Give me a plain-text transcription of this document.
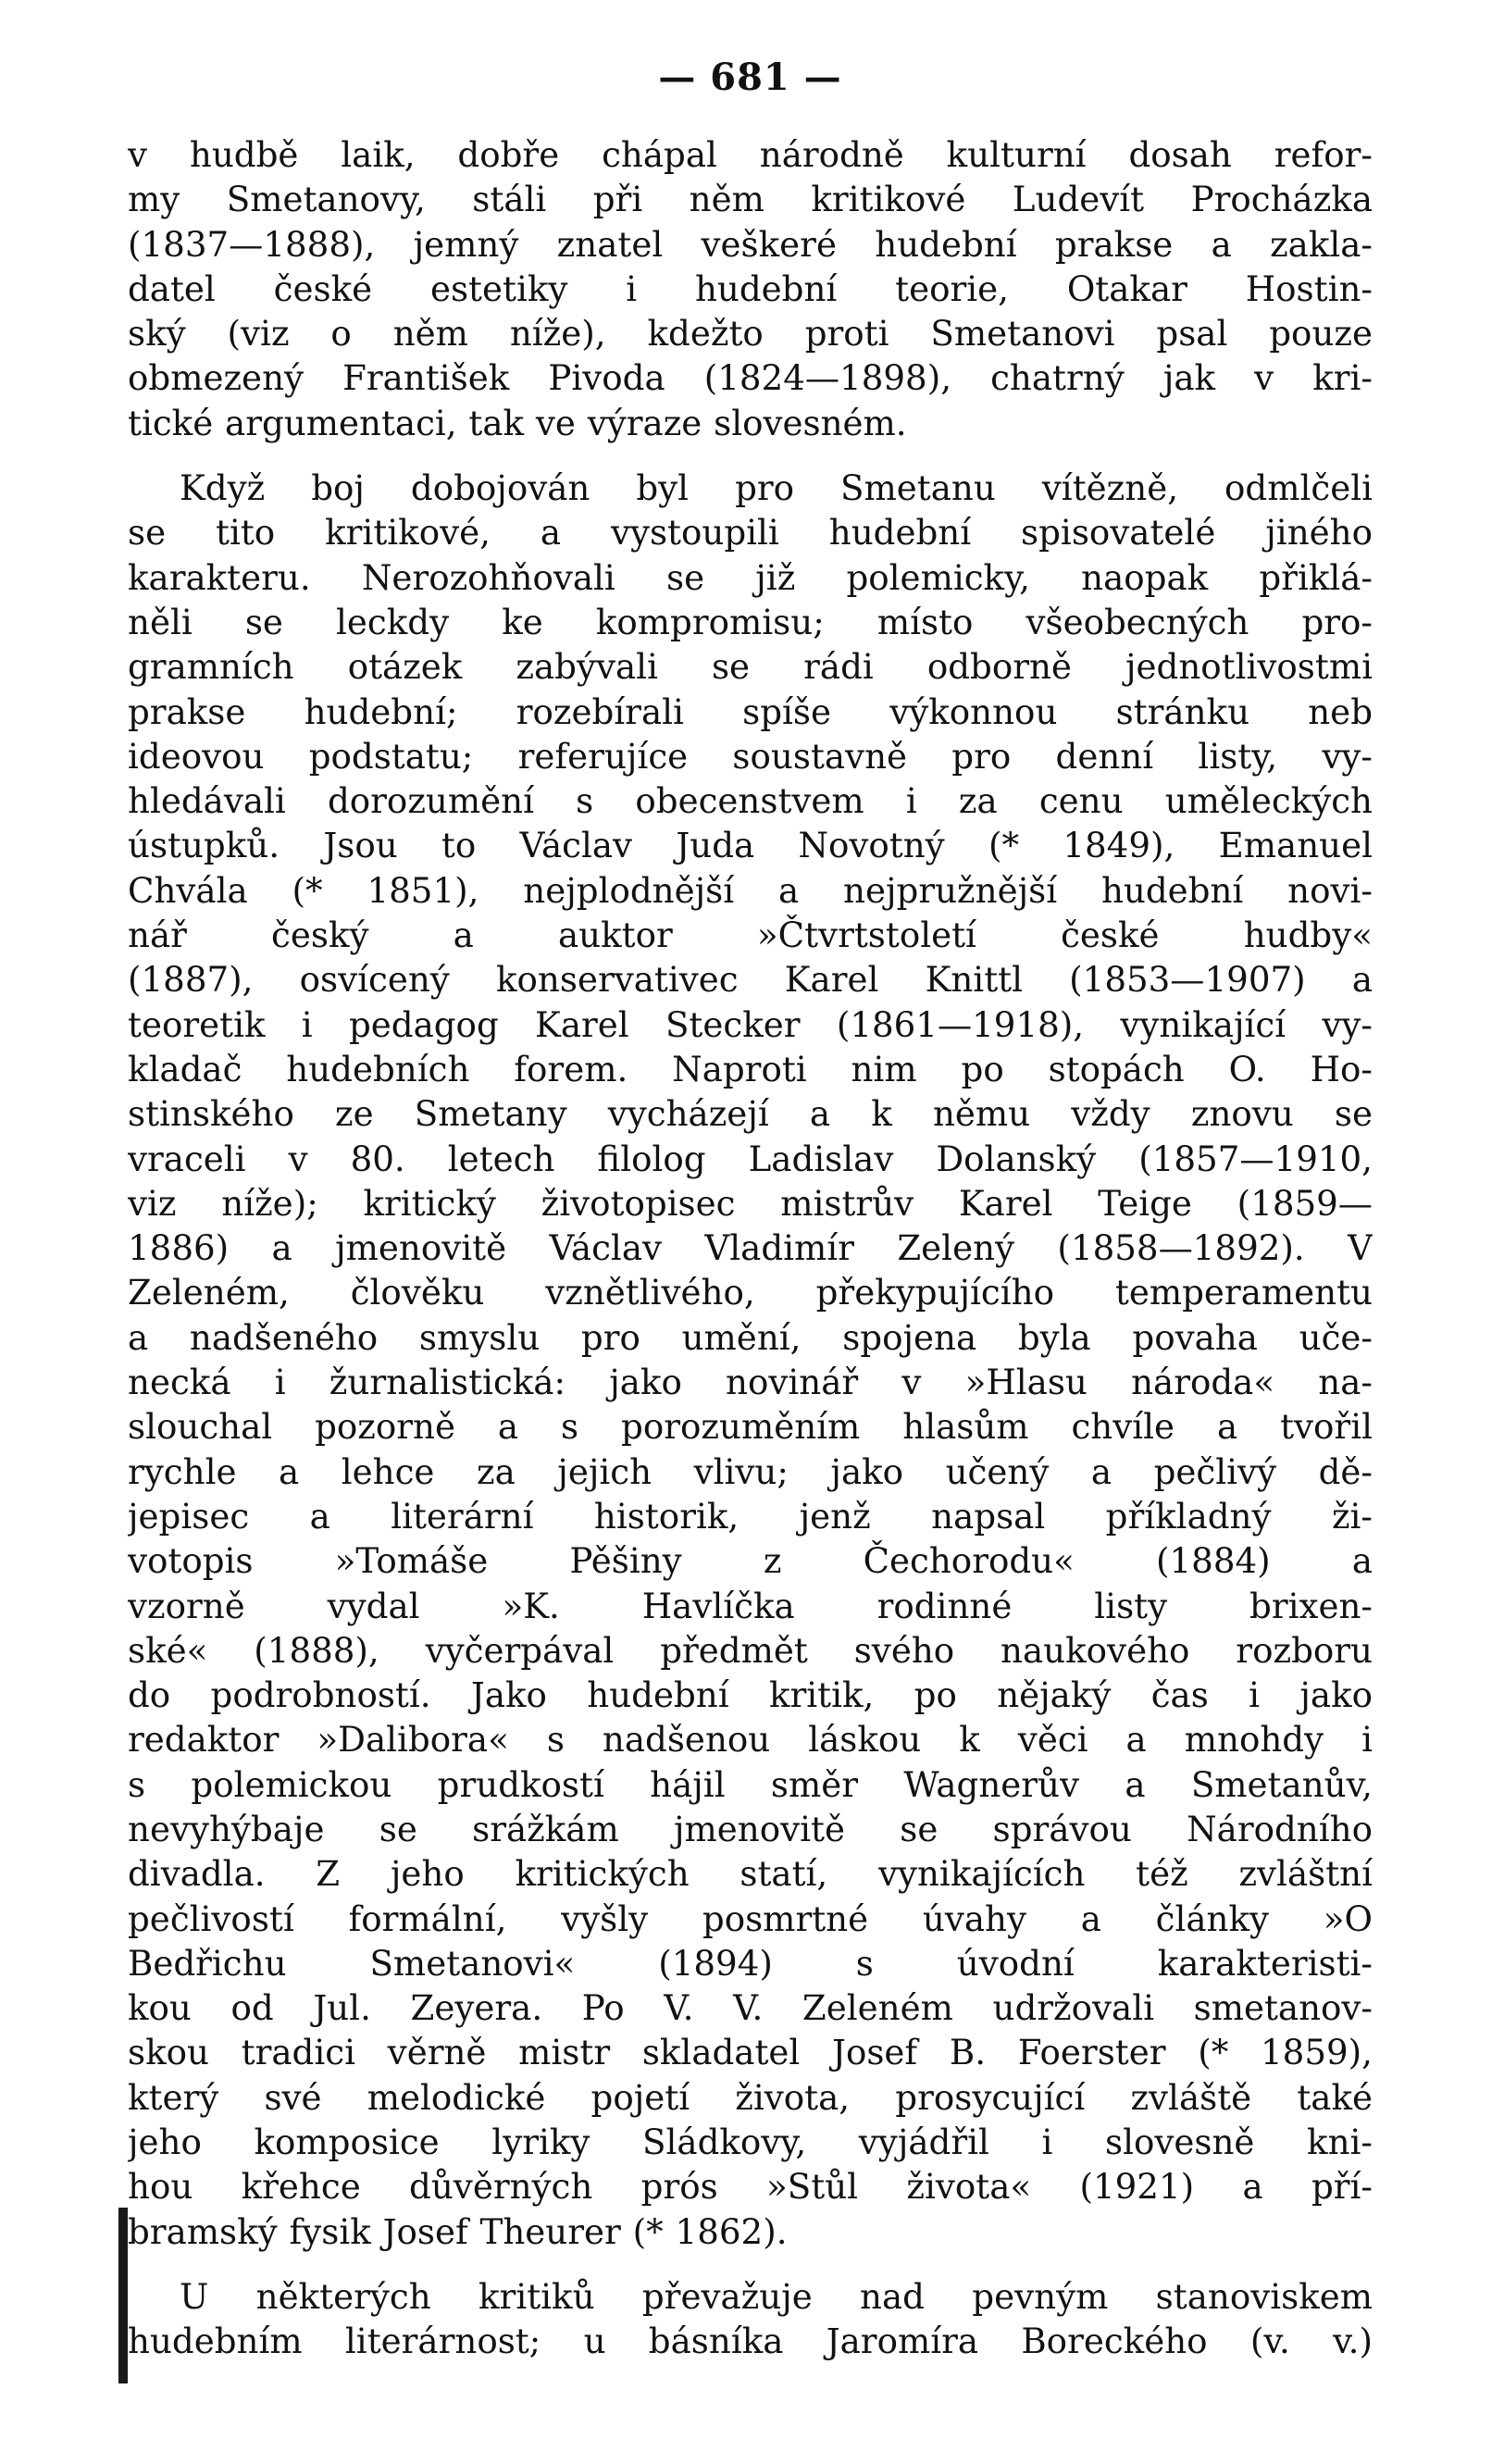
— 681 —
v hudbě laik, dobře chápal národně kulturní dosah refor-
my Smetanovy, stáli při něm kritikové Ludevít Procházka
(1837—1888), jemný znatel veškeré hudební prakse a zakla-
datel české estetiky i hudební teorie, Otakar Hostin-
ský (viz o něm níže), kdežto proti Smetanovi psal pouze
obmezený František Pivoda (1824—1898), chatrný jak v kri-
tické argumentaci, tak ve výraze slovesném.
Když boj dobojován byl pro Smetanu vítězně, odmlčeli
se tito kritikové, a vystoupili hudební spisovatelé jiného
karakteru. Nerozohňovali se již polemicky, naopak přiklá-
něli se leckdy ke kompromisu; místo všeobecných pro-
gramních otázek zabývali se rádi odborně jednotlivostmi
prakse hudební; rozebírali spíše výkonnou stránku neb
ideovou podstatu; referujíce soustavně pro denní listy, vy-
hledávali dorozumění s obecenstvem i za cenu uměleckých
ústupků. Jsou to Václav Juda Novotný (* 1849), Emanuel
Chvála (* 1851), nejplodnější a nejpružnější hudební novi-
nář český a auktor »Čtvrtstoletí české hudby«
(1887), osvícený konservativec Karel Knittl (1853—1907) a
teoretik i pedagog Karel Stecker (1861—1918), vynikající vy-
kladač hudebních forem. Naproti nim po stopách O. Ho-
stinského ze Smetany vycházejí a k němu vždy znovu se
vraceli v 80. letech filolog Ladislav Dolanský (1857—1910,
viz níže); kritický životopisec mistrův Karel Teige (1859—
1886) a jmenovitě Václav Vladimír Zelený (1858—1892). V
Zeleném, člověku vznětlivého, překypujícího temperamentu
a nadšeného smyslu pro umění, spojena byla povaha uče-
necká i žurnalistická: jako novinář v »Hlasu národa« na-
slouchal pozorně a s porozuměním hlasům chvíle a tvořil
rychle a lehce za jejich vlivu; jako učený a pečlivý dě-
jepisec a literární historik, jenž napsal příkladný ži-
votopis »Tomáše Pěšiny z Čechorodu« (1884) a
vzorně vydal »K. Havlíčka rodinné listy brixen-
ské« (1888), vyčerpával předmět svého naukového rozboru
do podrobností. Jako hudební kritik, po nějaký čas i jako
redaktor »Dalibora« s nadšenou láskou k věci a mnohdy i
s polemickou prudkostí hájil směr Wagnerův a Smetanův,
nevyhýbaje se srážkám jmenovitě se správou Národního
divadla. Z jeho kritických statí, vynikajících též zvláštní
pečlivostí formální, vyšly posmrtné úvahy a články »O
Bedřichu Smetanovi« (1894) s úvodní karakteristi-
kou od Jul. Zeyera. Po V. V. Zeleném udržovali smetanov-
skou tradici věrně mistr skladatel Josef B. Foerster (* 1859),
který své melodické pojetí života, prosycující zvláště také
jeho komposice lyriky Sládkovy, vyjádřil i slovesně kni-
hou křehce důvěrných prós »Stůl života« (1921) a pří-
bramský fysik Josef Theurer (* 1862).
U některých kritiků převažuje nad pevným stanoviskem
hudebním literárnost; u básníka Jaromíra Boreckého (v. v.)
